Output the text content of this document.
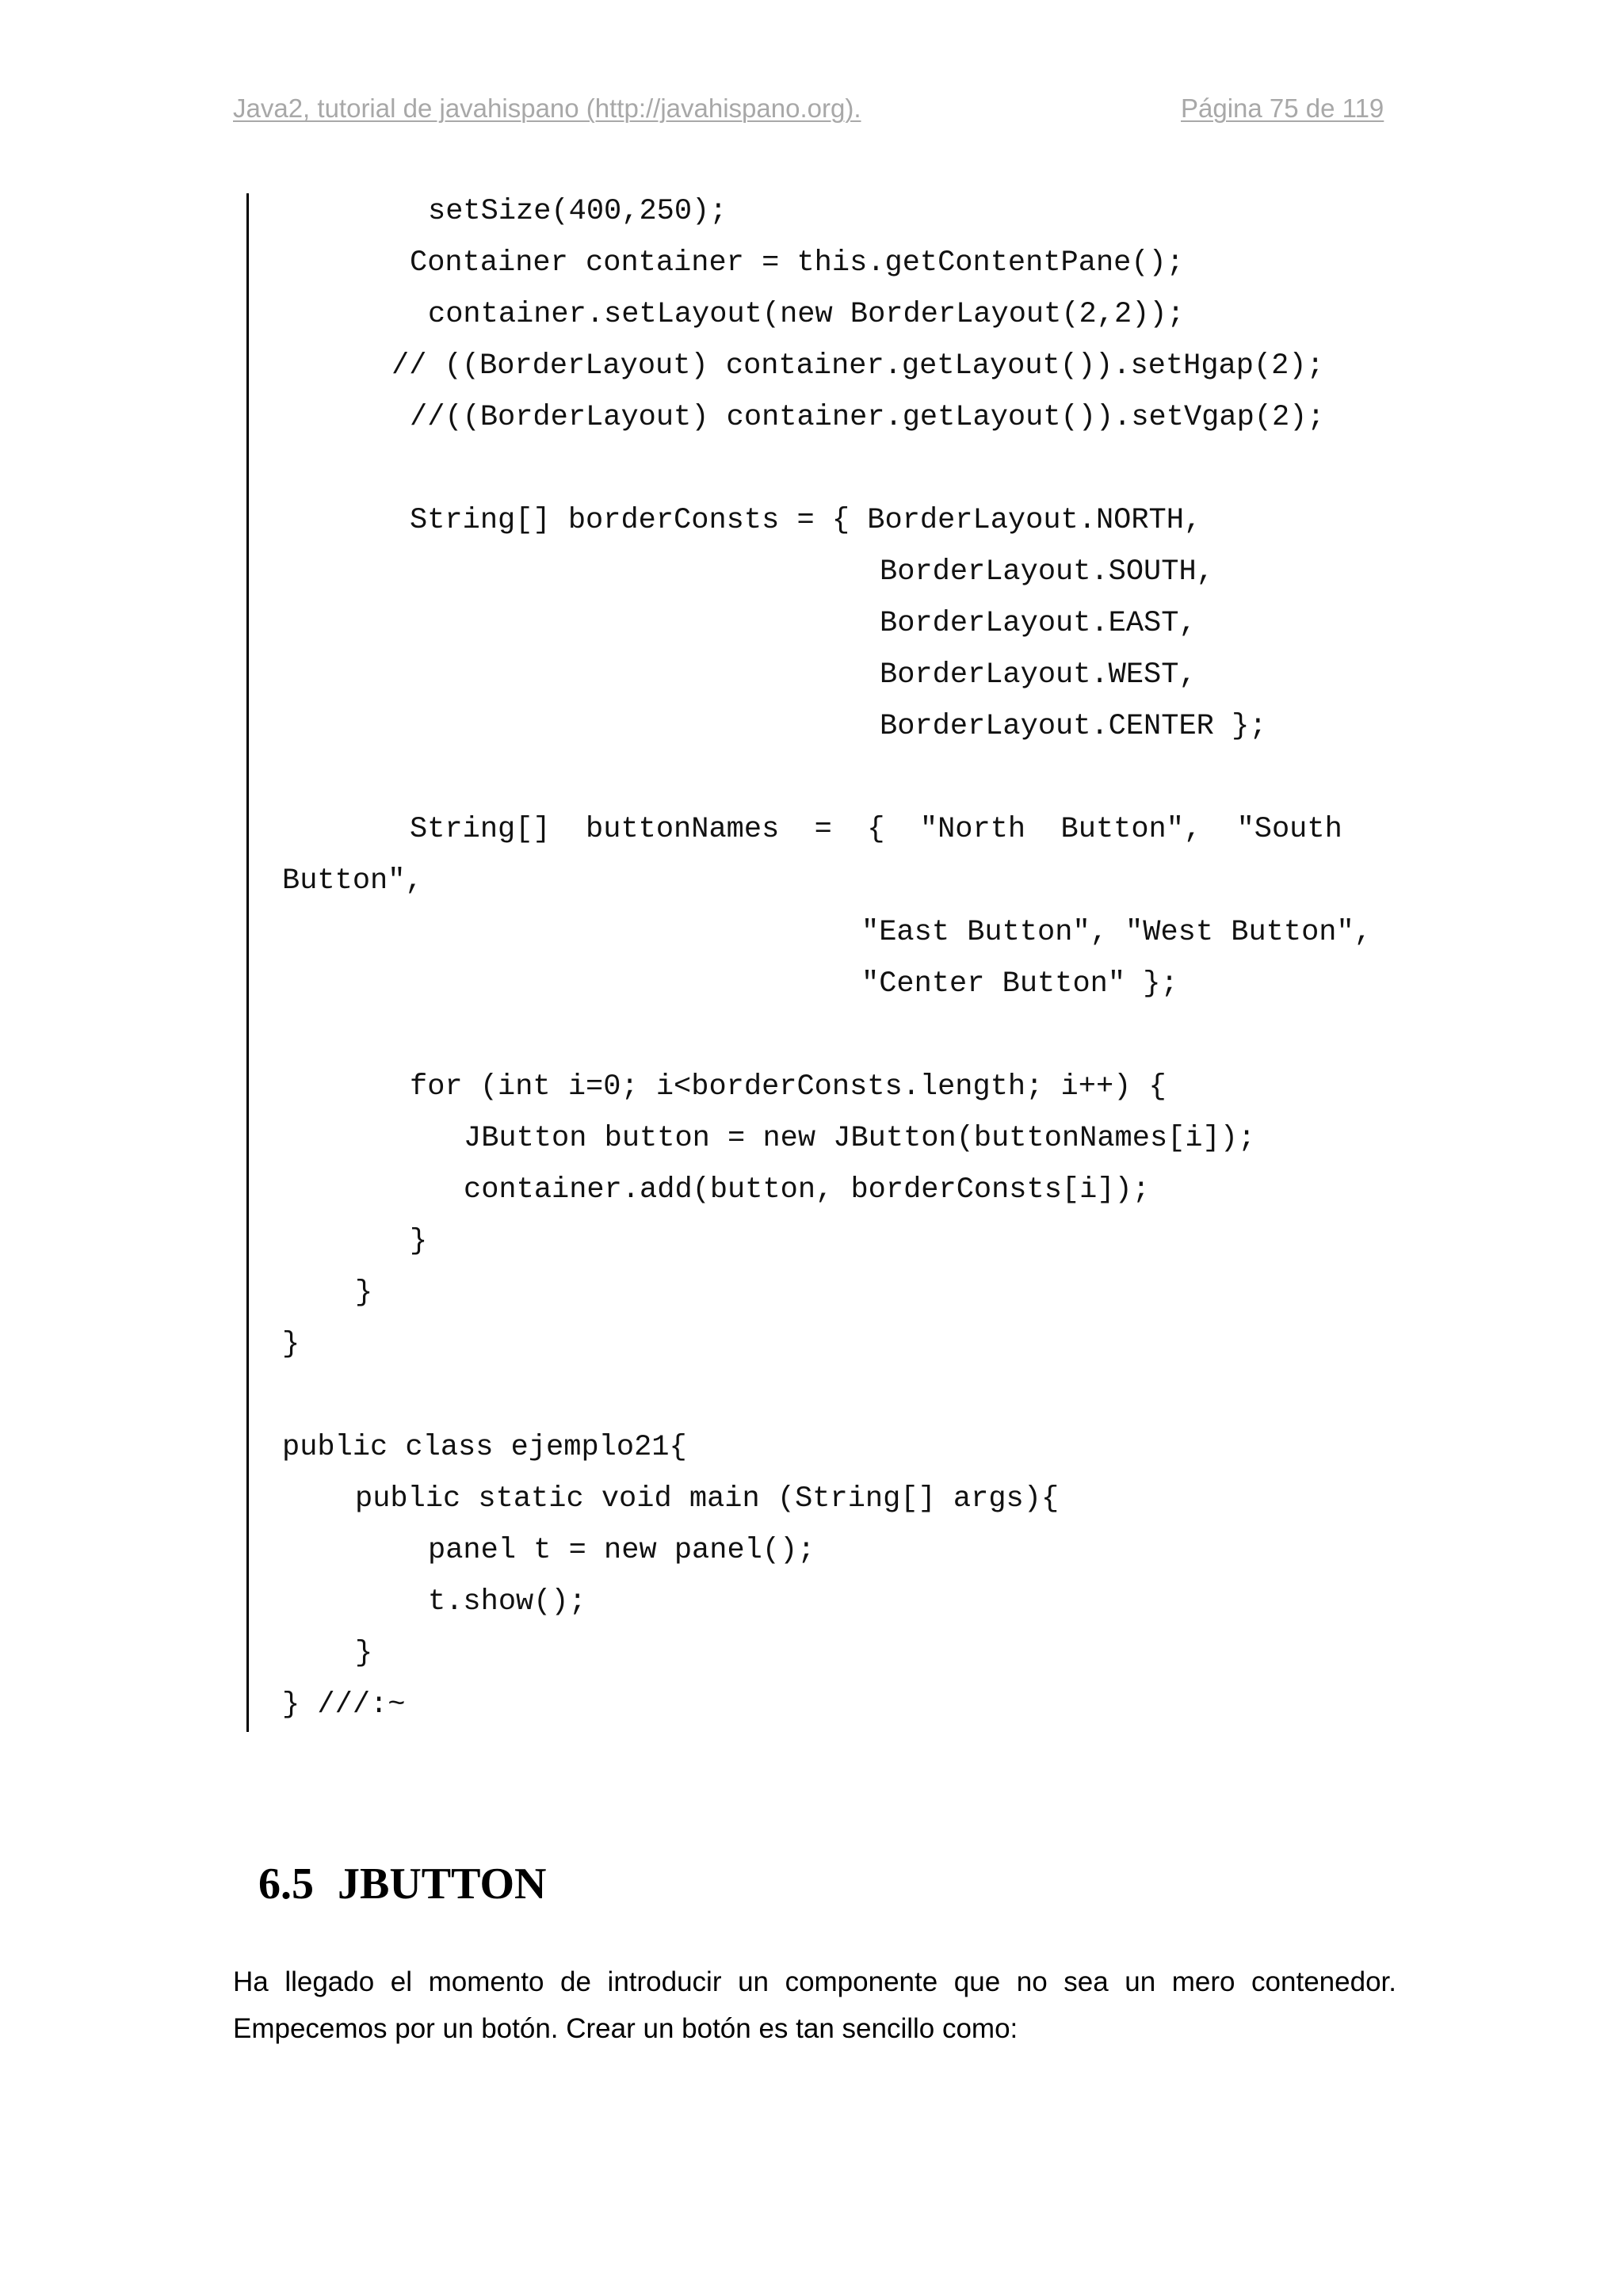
Java2, tutorial de javahispano (http://javahispano.org).	Página 75 de 119
setSize(400,250);
Container container = this.getContentPane();
container.setLayout(new BorderLayout(2,2));
// ((BorderLayout) container.getLayout()).setHgap(2);
//((BorderLayout) container.getLayout()).setVgap(2);
String[] borderConsts = { BorderLayout.NORTH,
BorderLayout.SOUTH,
BorderLayout.EAST,
BorderLayout.WEST,
BorderLayout.CENTER };
String[]  buttonNames  =  {  "North  Button",  "South
Button",
"East Button", "West Button",
"Center Button" };
for (int i=0; i<borderConsts.length; i++) {
JButton button = new JButton(buttonNames[i]);
container.add(button, borderConsts[i]);
}
}
}
public class ejemplo21{
public static void main (String[] args){
panel t = new panel();
t.show();
}
} ///:~
6.5 JBUTTON
Ha llegado el momento de introducir un componente que no sea un mero contenedor.
Empecemos por un botón. Crear un botón es tan sencillo como:
